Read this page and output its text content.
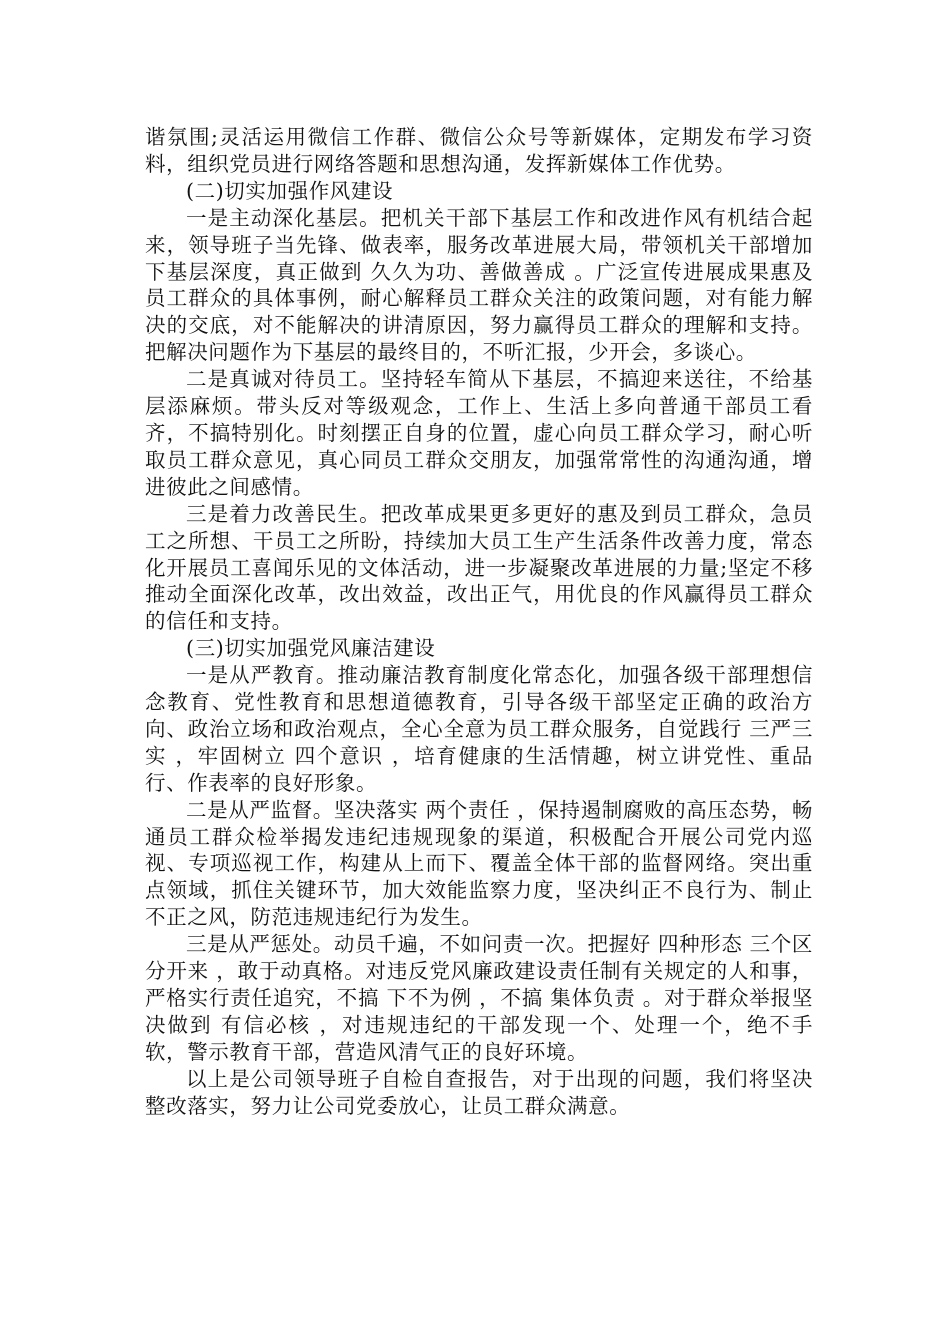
谐氛围;灵活运用微信工作群、微信公众号等新媒体，定期发布学习资料，组织党员进行网络答题和思想沟通，发挥新媒体工作优势。

(二)切实加强作风建设

一是主动深化基层。把机关干部下基层工作和改进作风有机结合起来，领导班子当先锋、做表率，服务改革进展大局，带领机关干部增加下基层深度，真正做到 久久为功、善做善成 。广泛宣传进展成果惠及员工群众的具体事例，耐心解释员工群众关注的政策问题，对有能力解决的交底，对不能解决的讲清原因，努力赢得员工群众的理解和支持。把解决问题作为下基层的最终目的，不听汇报，少开会，多谈心。

二是真诚对待员工。坚持轻车简从下基层，不搞迎来送往，不给基层添麻烦。带头反对等级观念，工作上、生活上多向普通干部员工看齐，不搞特别化。时刻摆正自身的位置，虚心向员工群众学习，耐心听取员工群众意见，真心同员工群众交朋友，加强常常性的沟通沟通，增进彼此之间感情。

三是着力改善民生。把改革成果更多更好的惠及到员工群众，急员工之所想、干员工之所盼，持续加大员工生产生活条件改善力度，常态化开展员工喜闻乐见的文体活动，进一步凝聚改革进展的力量;坚定不移推动全面深化改革，改出效益，改出正气，用优良的作风赢得员工群众的信任和支持。

(三)切实加强党风廉洁建设

一是从严教育。推动廉洁教育制度化常态化，加强各级干部理想信念教育、党性教育和思想道德教育，引导各级干部坚定正确的政治方向、政治立场和政治观点，全心全意为员工群众服务，自觉践行 三严三实 ，牢固树立 四个意识 ，培育健康的生活情趣，树立讲党性、重品行、作表率的良好形象。

二是从严监督。坚决落实 两个责任 ，保持遏制腐败的高压态势，畅通员工群众检举揭发违纪违规现象的渠道，积极配合开展公司党内巡视、专项巡视工作，构建从上而下、覆盖全体干部的监督网络。突出重点领域，抓住关键环节，加大效能监察力度，坚决纠正不良行为、制止不正之风，防范违规违纪行为发生。

三是从严惩处。动员千遍，不如问责一次。把握好 四种形态 三个区分开来 ，敢于动真格。对违反党风廉政建设责任制有关规定的人和事，严格实行责任追究，不搞 下不为例 ，不搞 集体负责 。对于群众举报坚决做到 有信必核 ，对违规违纪的干部发现一个、处理一个，绝不手软，警示教育干部，营造风清气正的良好环境。

以上是公司领导班子自检自查报告，对于出现的问题，我们将坚决整改落实，努力让公司党委放心，让员工群众满意。
